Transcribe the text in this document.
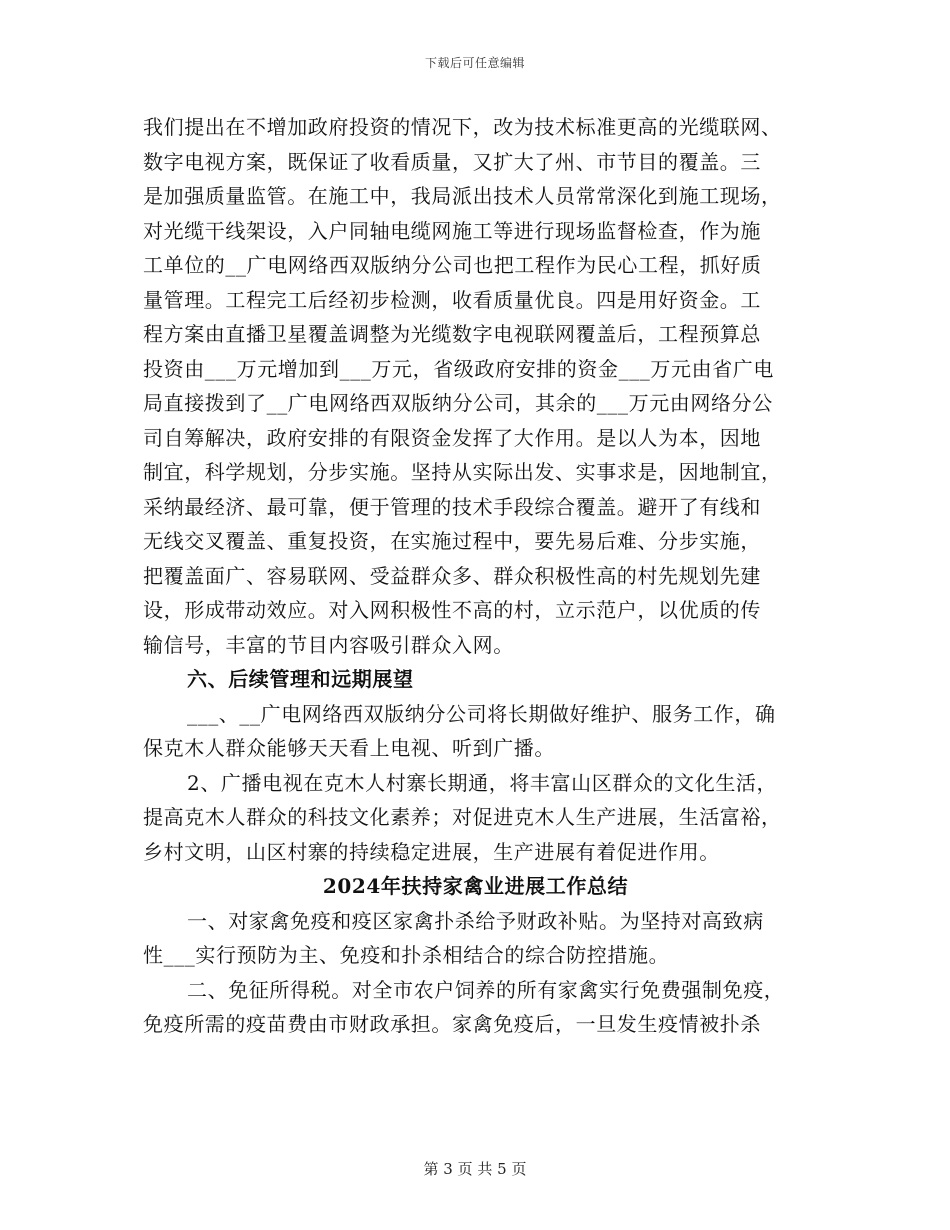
下载后可任意编辑
我们提出在不增加政府投资的情况下，改为技术标准更高的光缆联网、
数字电视方案，既保证了收看质量，又扩大了州、市节目的覆盖。三
是加强质量监管。在施工中，我局派出技术人员常常深化到施工现场，
对光缆干线架设，入户同轴电缆网施工等进行现场监督检查，作为施
工单位的__广电网络西双版纳分公司也把工程作为民心工程，抓好质
量管理。工程完工后经初步检测，收看质量优良。四是用好资金。工
程方案由直播卫星覆盖调整为光缆数字电视联网覆盖后，工程预算总
投资由___万元增加到___万元，省级政府安排的资金___万元由省广电
局直接拨到了__广电网络西双版纳分公司，其余的___万元由网络分公
司自筹解决，政府安排的有限资金发挥了大作用。是以人为本，因地
制宜，科学规划，分步实施。坚持从实际出发、实事求是，因地制宜，
采纳最经济、最可靠，便于管理的技术手段综合覆盖。避开了有线和
无线交叉覆盖、重复投资，在实施过程中，要先易后难、分步实施，
把覆盖面广、容易联网、受益群众多、群众积极性高的村先规划先建
设，形成带动效应。对入网积极性不高的村，立示范户，以优质的传
输信号，丰富的节目内容吸引群众入网。
六、后续管理和远期展望
___、__广电网络西双版纳分公司将长期做好维护、服务工作，确
保克木人群众能够天天看上电视、听到广播。
2、广播电视在克木人村寨长期通，将丰富山区群众的文化生活，
提高克木人群众的科技文化素养；对促进克木人生产进展，生活富裕，
乡村文明，山区村寨的持续稳定进展，生产进展有着促进作用。
2024年扶持家禽业进展工作总结
一、对家禽免疫和疫区家禽扑杀给予财政补贴。为坚持对高致病
性___实行预防为主、免疫和扑杀相结合的综合防控措施。
二、免征所得税。对全市农户饲养的所有家禽实行免费强制免疫，
免疫所需的疫苗费由市财政承担。家禽免疫后，一旦发生疫情被扑杀
第 3 页 共 5 页
